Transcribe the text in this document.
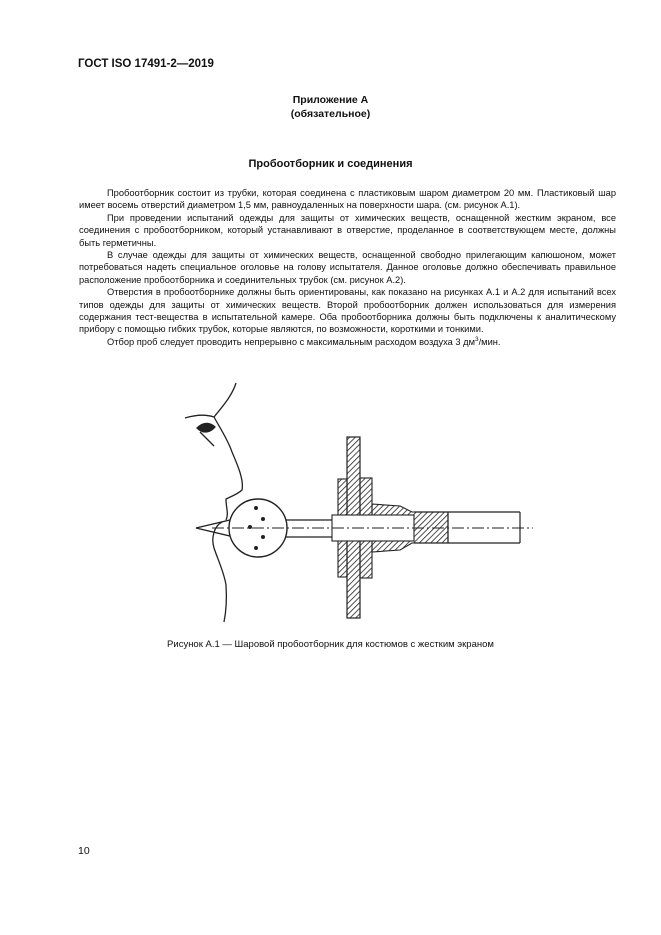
ГОСТ ISO 17491-2—2019
Приложение А
(обязательное)
Пробоотборник и соединения

Пробоотборник состоит из трубки, которая соединена с пластиковым шаром диаметром 20 мм. Пластиковый шар имеет восемь отверстий диаметром 1,5 мм, равноудаленных на поверхности шара. (см. рисунок А.1).

При проведении испытаний одежды для защиты от химических веществ, оснащенной жестким экраном, все соединения с пробоотборником, который устанавливают в отверстие, проделанное в соответствующем месте, должны быть герметичны.

В случае одежды для защиты от химических веществ, оснащенной свободно прилегающим капюшоном, может потребоваться надеть специальное оголовье на голову испытателя. Данное оголовье должно обеспечивать правильное расположение пробоотборника и соединительных трубок (см. рисунок А.2).

Отверстия в пробоотборнике должны быть ориентированы, как показано на рисунках А.1 и А.2 для испытаний всех типов одежды для защиты от химических веществ. Второй пробоотборник должен использоваться для измерения содержания тест-вещества в испытательной камере. Оба пробоотборника должны быть подключены к аналитическому прибору с помощью гибких трубок, которые являются, по возможности, короткими и тонкими.

Отбор проб следует проводить непрерывно с максимальным расходом воздуха 3 $дм^3$/мин.

Рисунок А.1 — Шаровой пробоотборник для костюмов с жестким экраном
10
